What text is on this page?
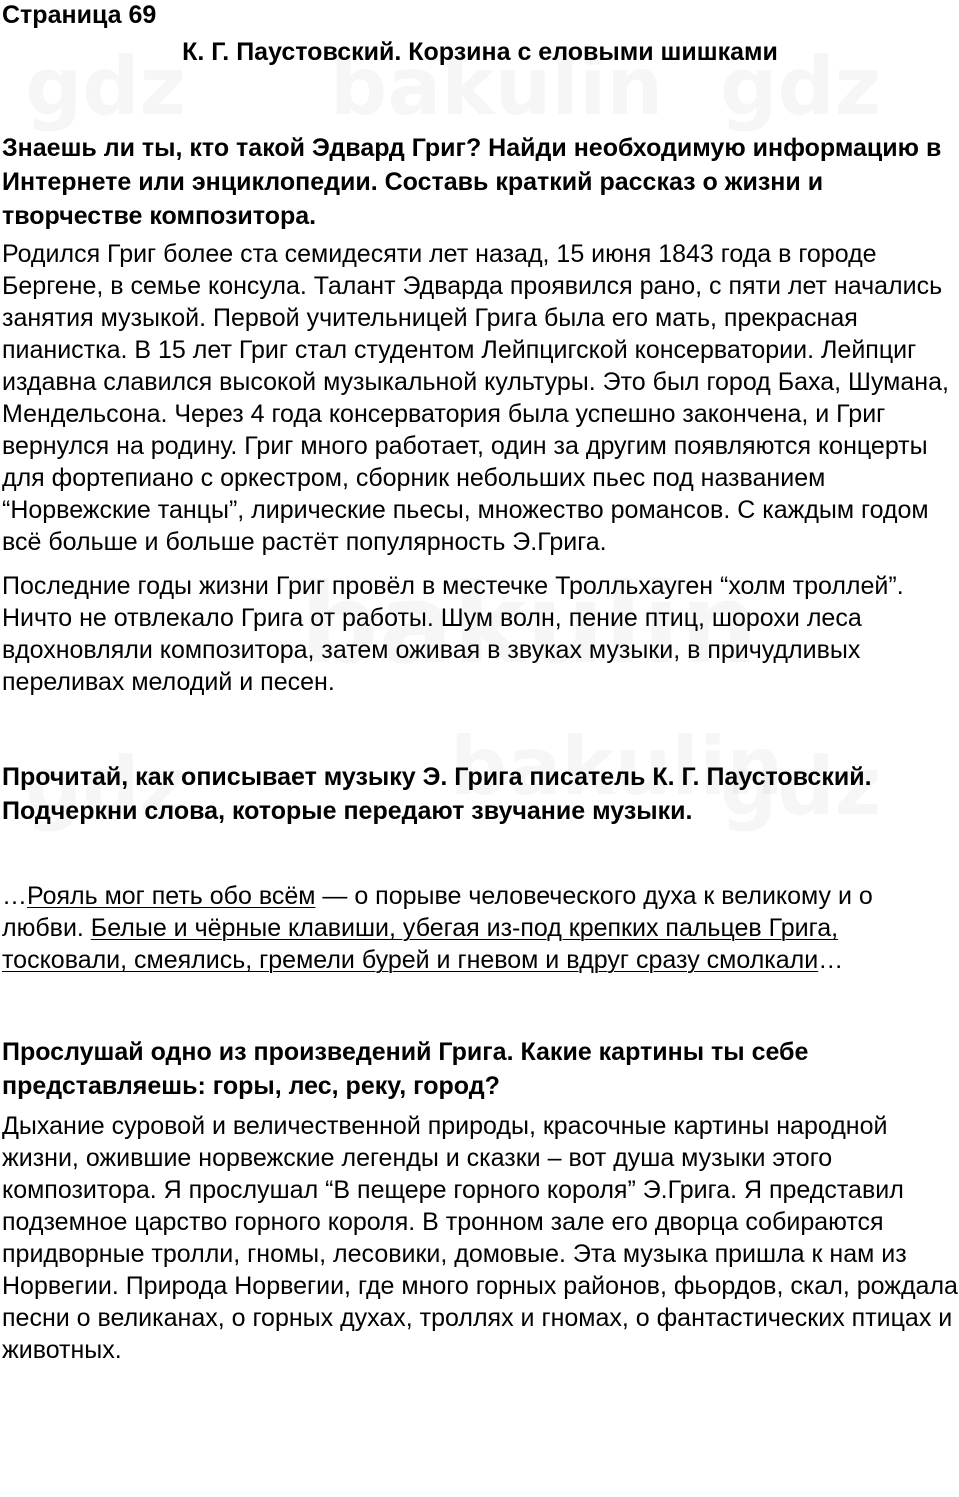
Страница 69
К. Г. Паустовский. Корзина с еловыми шишками
Знаешь ли ты, кто такой Эдвард Григ? Найди необходимую информацию в Интернете или энциклопедии. Составь краткий рассказ о жизни и творчестве композитора.
Родился Григ более ста семидесяти лет назад, 15 июня 1843 года в городе Бергене, в семье консула. Талант Эдварда проявился рано, с пяти лет начались занятия музыкой. Первой учительницей Грига была его мать, прекрасная пианистка. В 15 лет Григ стал студентом Лейпцигской консерватории. Лейпциг издавна славился высокой музыкальной культуры. Это был город Баха, Шумана, Мендельсона. Через 4 года консерватория была успешно закончена, и Григ вернулся на родину. Григ много работает, один за другим появляются концерты для фортепиано с оркестром, сборник небольших пьес под названием “Норвежские танцы”, лирические пьесы, множество романсов. С каждым годом всё больше и больше растёт популярность Э.Грига.
Последние годы жизни Григ провёл в местечке Тролльхауген “холм троллей”. Ничто не отвлекало Грига от работы. Шум волн, пение птиц, шорохи леса вдохновляли композитора, затем оживая в звуках музыки, в причудливых переливах мелодий и песен.
Прочитай, как описывает музыку Э. Грига писатель К. Г. Паустовский. Подчеркни слова, которые передают звучание музыки.
…Рояль мог петь обо всём — о порыве человеческого духа к великому и о любви. Белые и чёрные клавиши, убегая из-под крепких пальцев Грига, тосковали, смеялись, гремели бурей и гневом и вдруг сразу смолкали…
Прослушай одно из произведений Грига. Какие картины ты себе представляешь: горы, лес, реку, город?
Дыхание суровой и величественной природы, красочные картины народной жизни, ожившие норвежские легенды и сказки – вот душа музыки этого композитора. Я прослушал “В пещере горного короля” Э.Грига. Я представил подземное царство горного короля. В тронном зале его дворца собираются придворные тролли, гномы, лесовики, домовые. Эта музыка пришла к нам из Норвегии. Природа Норвегии, где много горных районов, фьордов, скал, рождала песни о великанах, о горных духах, троллях и гномах, о фантастических птицах и животных.
